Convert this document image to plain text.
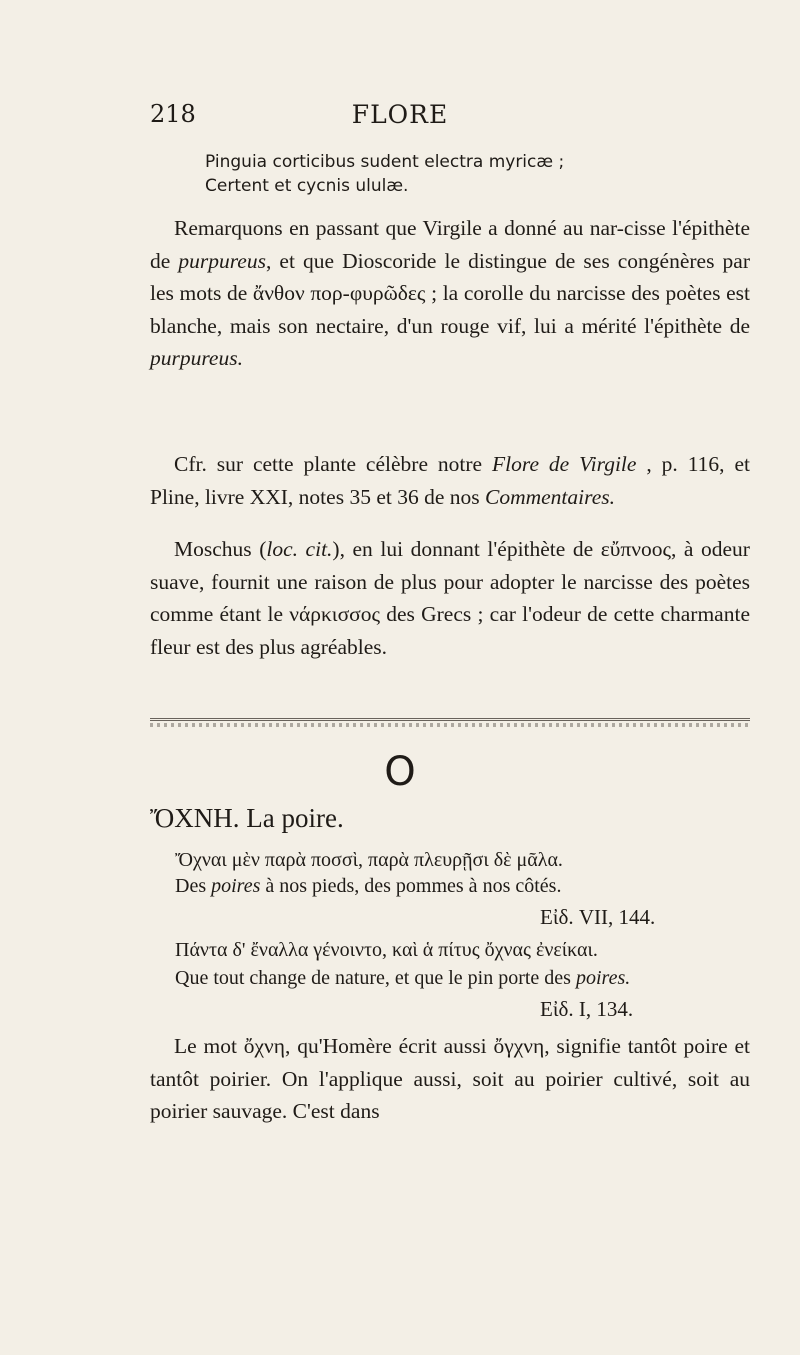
218	FLORE
Pinguia corticibus sudent electra myricæ ;
Certent et cycnis ululæ.

Remarquons en passant que Virgile a donné au nar-cisse l'épithète de purpureus, et que Dioscoride le distingue de ses congénères par les mots de ἄνθον πορ-φυρῶδες ; la corolle du narcisse des poètes est blanche, mais son nectaire, d'un rouge vif, lui a mérité l'épithète de purpureus.

Cfr. sur cette plante célèbre notre Flore de Virgile , p. 116, et Pline, livre XXI, notes 35 et 36 de nos Commentaires.

Moschus (loc. cit.), en lui donnant l'épithète de εὔπνοος, à odeur suave, fournit une raison de plus pour adopter le narcisse des poètes comme étant le νάρκισσος des Grecs ; car l'odeur de cette charmante fleur est des plus agréables.

O
ὌΧΝΗ. La poire.
Ὄχναι μὲν παρὰ ποσσὶ, παρὰ πλευρῇσι δὲ μᾶλα.
Des poires à nos pieds, des pommes à nos côtés.
Εἰδ. VII, 144.
Πάντα δ' ἔναλλα γένοιντο, καὶ ἁ πίτυς ὄχνας ἐνείκαι.
Que tout change de nature, et que le pin porte des poires.
Εἰδ. I, 134.

Le mot ὄχνη, qu'Homère écrit aussi ὄγχνη, signifie tantôt poire et tantôt poirier. On l'applique aussi, soit au poirier cultivé, soit au poirier sauvage. C'est dans
